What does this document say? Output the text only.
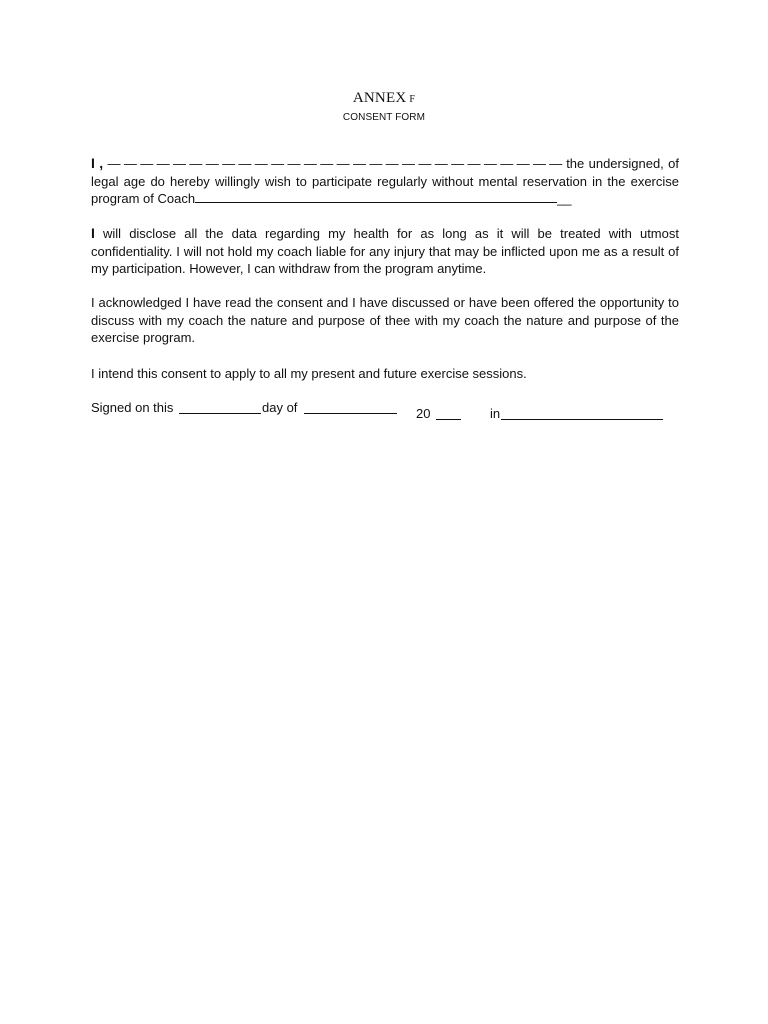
ANNEX F
CONSENT FORM
I , — — — — — — — — — — — — — — — — — — — — — — — — — — — — the undersigned, of legal age do hereby willingly wish to participate regularly without mental reservation in the exercise program of Coach	__
I will disclose all the data regarding my health for as long as it will be treated with utmost confidentiality. I will not hold my coach liable for any injury that may be inflicted upon me as a result of my participation. However, I can withdraw from the program anytime.
I acknowledged I have read the consent and I have discussed or have been offered the opportunity to discuss with my coach the nature and purpose of thee with my coach the nature and purpose of the exercise program.
I intend this consent to apply to all my present and future exercise sessions.
Signed on this	day of	20	in
